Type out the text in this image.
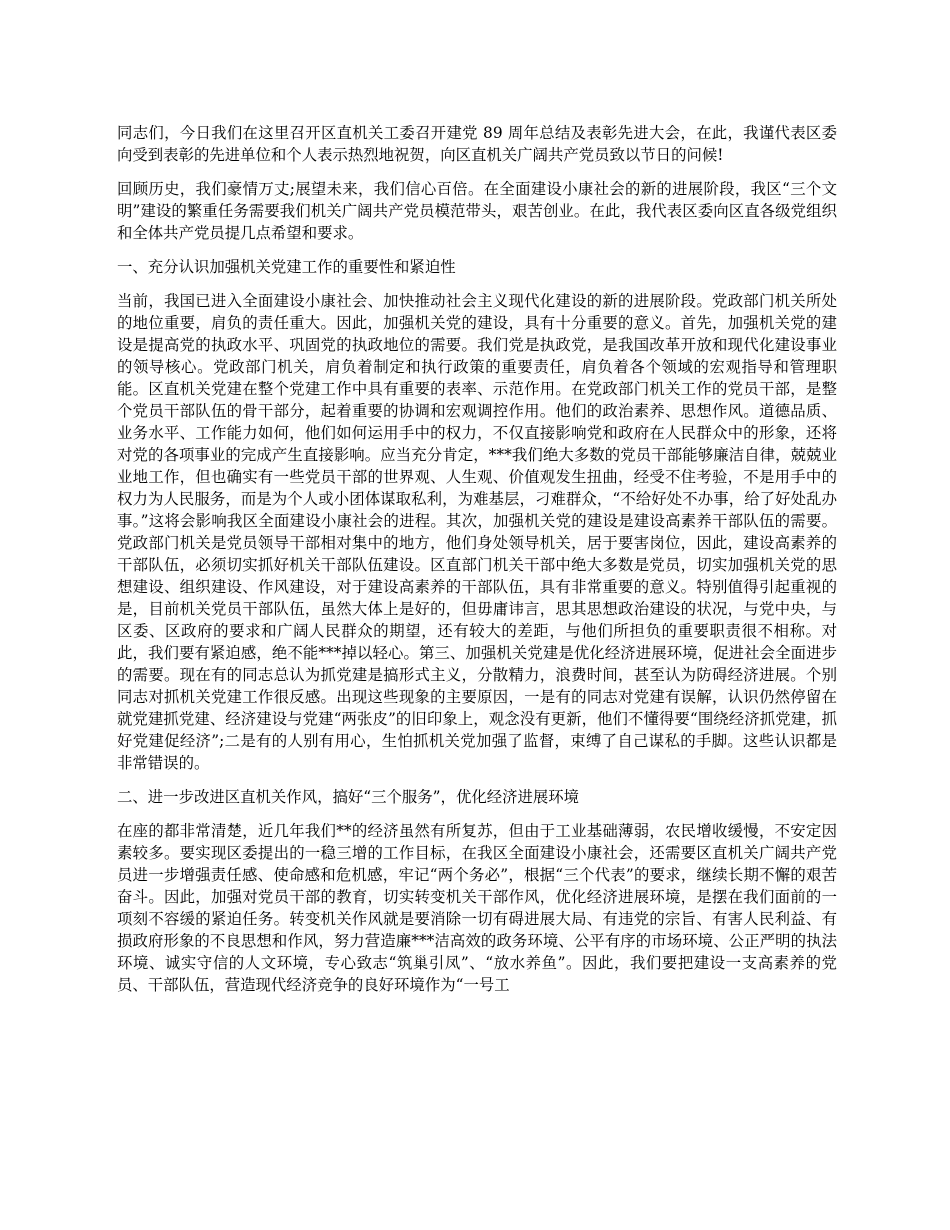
同志们，今日我们在这里召开区直机关工委召开建党 89 周年总结及表彰先进大会，在此，我谨代表区委向受到表彰的先进单位和个人表示热烈地祝贺，向区直机关广阔共产党员致以节日的问候!

回顾历史，我们豪情万丈;展望未来，我们信心百倍。在全面建设小康社会的新的进展阶段，我区“三个文明”建设的繁重任务需要我们机关广阔共产党员模范带头，艰苦创业。在此，我代表区委向区直各级党组织和全体共产党员提几点希望和要求。

一、充分认识加强机关党建工作的重要性和紧迫性

当前，我国已进入全面建设小康社会、加快推动社会主义现代化建设的新的进展阶段。党政部门机关所处的地位重要，肩负的责任重大。因此，加强机关党的建设，具有十分重要的意义。首先，加强机关党的建设是提高党的执政水平、巩固党的执政地位的需要。我们党是执政党，是我国改革开放和现代化建设事业的领导核心。党政部门机关，肩负着制定和执行政策的重要责任，肩负着各个领域的宏观指导和管理职能。区直机关党建在整个党建工作中具有重要的表率、示范作用。在党政部门机关工作的党员干部，是整个党员干部队伍的骨干部分，起着重要的协调和宏观调控作用。他们的政治素养、思想作风。道德品质、业务水平、工作能力如何，他们如何运用手中的权力，不仅直接影响党和政府在人民群众中的形象，还将对党的各项事业的完成产生直接影响。应当充分肯定，***我们绝大多数的党员干部能够廉洁自律，兢兢业业地工作，但也确实有一些党员干部的世界观、人生观、价值观发生扭曲，经受不住考验，不是用手中的权力为人民服务，而是为个人或小团体谋取私利，为难基层，刁难群众，“不给好处不办事，给了好处乱办事。”这将会影响我区全面建设小康社会的进程。其次，加强机关党的建设是建设高素养干部队伍的需要。党政部门机关是党员领导干部相对集中的地方，他们身处领导机关，居于要害岗位，因此，建设高素养的干部队伍，必须切实抓好机关干部队伍建设。区直部门机关干部中绝大多数是党员，切实加强机关党的思想建设、组织建设、作风建设，对于建设高素养的干部队伍，具有非常重要的意义。特别值得引起重视的是，目前机关党员干部队伍，虽然大体上是好的，但毋庸讳言，思其思想政治建设的状况，与党中央，与区委、区政府的要求和广阔人民群众的期望，还有较大的差距，与他们所担负的重要职责很不相称。对此，我们要有紧迫感，绝不能***掉以轻心。第三、加强机关党建是优化经济进展环境，促进社会全面进步的需要。现在有的同志总认为抓党建是搞形式主义，分散精力，浪费时间，甚至认为防碍经济进展。个别同志对抓机关党建工作很反感。出现这些现象的主要原因，一是有的同志对党建有误解，认识仍然停留在就党建抓党建、经济建设与党建“两张皮”的旧印象上，观念没有更新，他们不懂得要“围绕经济抓党建，抓好党建促经济”;二是有的人别有用心，生怕抓机关党加强了监督，束缚了自己谋私的手脚。这些认识都是非常错误的。

二、进一步改进区直机关作风，搞好“三个服务”，优化经济进展环境

在座的都非常清楚，近几年我们**的经济虽然有所复苏，但由于工业基础薄弱，农民增收缓慢，不安定因素较多。要实现区委提出的一稳三增的工作目标，在我区全面建设小康社会，还需要区直机关广阔共产党员进一步增强责任感、使命感和危机感，牢记“两个务必”，根据“三个代表”的要求，继续长期不懈的艰苦奋斗。因此，加强对党员干部的教育，切实转变机关干部作风，优化经济进展环境，是摆在我们面前的一项刻不容缓的紧迫任务。转变机关作风就是要消除一切有碍进展大局、有违党的宗旨、有害人民利益、有损政府形象的不良思想和作风，努力营造廉***洁高效的政务环境、公平有序的市场环境、公正严明的执法环境、诚实守信的人文环境，专心致志“筑巢引凤”、“放水养鱼”。因此，我们要把建设一支高素养的党员、干部队伍，营造现代经济竞争的良好环境作为“一号工
